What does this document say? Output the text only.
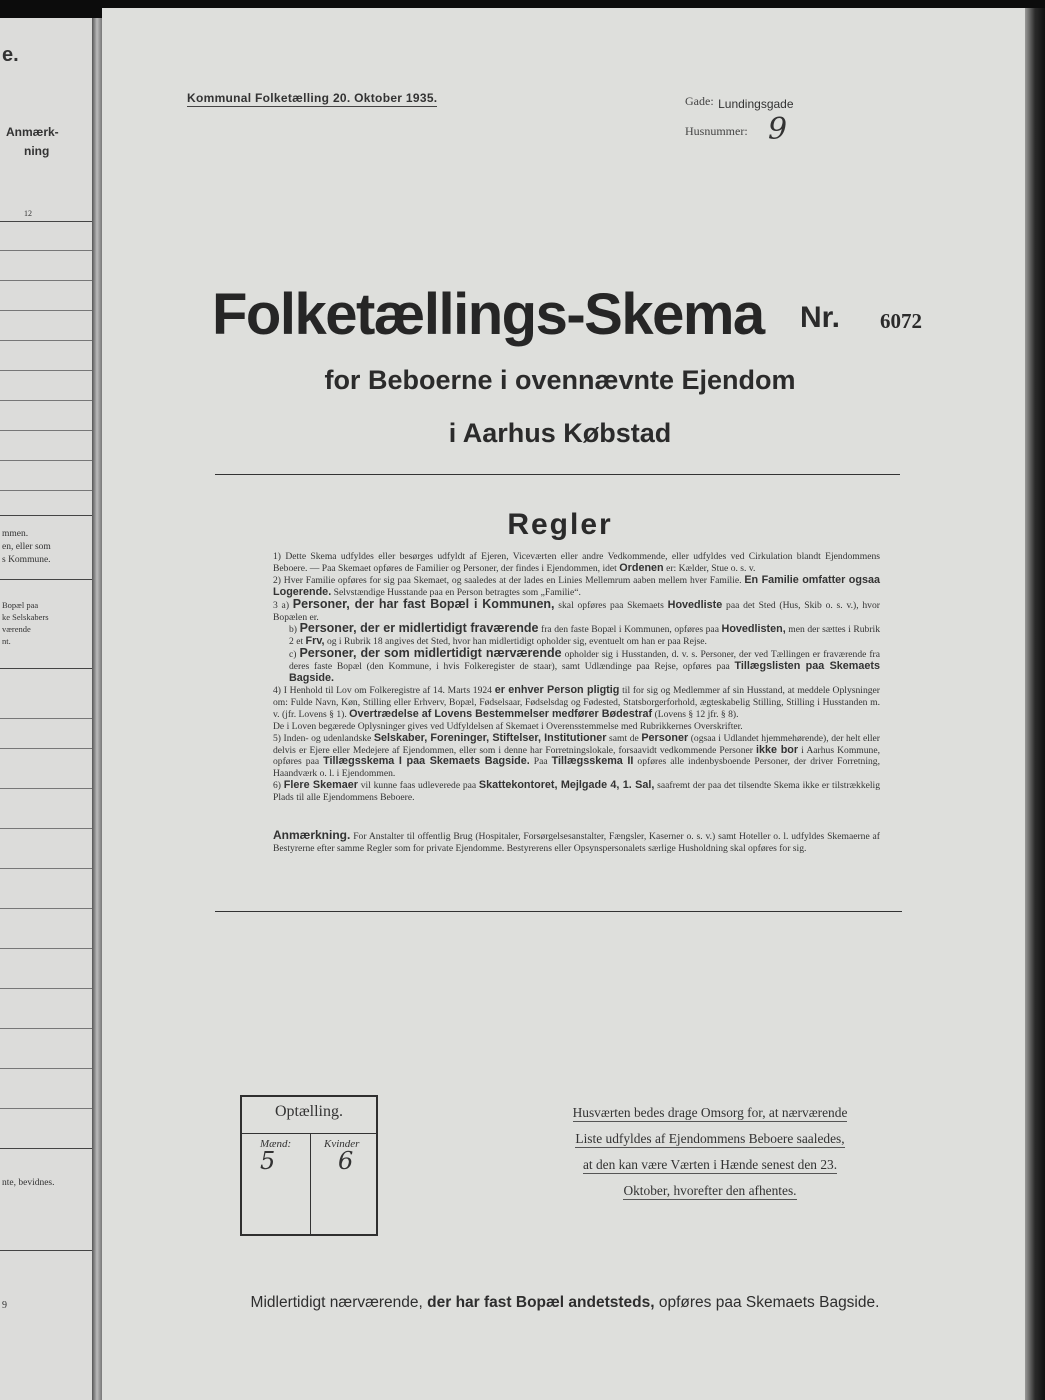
e.
Anmærk-
ning
12
mmen.
en, eller som
s Kommune.
Bopæl paa
ke Selskabers
værende
nt.
nte, bevidnes.
9
Kommunal Folketælling 20. Oktober 1935.	Gade: Lundingsgade
Husnummer: 9
Folketællings-Skema Nr. 6072
for Beboerne i ovennævnte Ejendom
i Aarhus Købstad
Regler

1) Dette Skema udfyldes eller besørges udfyldt af Ejeren, Viceværten eller andre Vedkommende, eller udfyldes ved Cirkulation blandt Ejendommens Beboere. — Paa Skemaet opføres de Familier og Personer, der findes i Ejendommen, idet Ordenen er: Kælder, Stue o. s. v.

2) Hver Familie opføres for sig paa Skemaet, og saaledes at der lades en Linies Mellemrum aaben mellem hver Familie. En Familie omfatter ogsaa Logerende. Selvstændige Husstande paa en Person betragtes som „Familie“.

3 a) Personer, der har fast Bopæl i Kommunen, skal opføres paa Skemaets Hovedliste paa det Sted (Hus, Skib o. s. v.), hvor Bopælen er.

b) Personer, der er midlertidigt fraværende fra den faste Bopæl i Kommunen, opføres paa Hovedlisten, men der sættes i Rubrik 2 et Frv, og i Rubrik 18 angives det Sted, hvor han midlertidigt opholder sig, eventuelt om han er paa Rejse.

c) Personer, der som midlertidigt nærværende opholder sig i Husstanden, d. v. s. Personer, der ved Tællingen er fraværende fra deres faste Bopæl (den Kommune, i hvis Folkeregister de staar), samt Udlændinge paa Rejse, opføres paa Tillægslisten paa Skemaets Bagside.

4) I Henhold til Lov om Folkeregistre af 14. Marts 1924 er enhver Person pligtig til for sig og Medlemmer af sin Husstand, at meddele Oplysninger om: Fulde Navn, Køn, Stilling eller Erhverv, Bopæl, Fødselsaar, Fødselsdag og Fødested, Statsborgerforhold, ægteskabelig Stilling, Stilling i Husstanden m. v. (jfr. Lovens § 1). Overtrædelse af Lovens Bestemmelser medfører Bødestraf (Lovens § 12 jfr. § 8).

De i Loven begærede Oplysninger gives ved Udfyldelsen af Skemaet i Overensstemmelse med Rubrikkernes Overskrifter.

5) Inden- og udenlandske Selskaber, Foreninger, Stiftelser, Institutioner samt de Personer (ogsaa i Udlandet hjemmehørende), der helt eller delvis er Ejere eller Medejere af Ejendommen, eller som i denne har Forretningslokale, forsaavidt vedkommende Personer ikke bor i Aarhus Kommune, opføres paa Tillægsskema I paa Skemaets Bagside. Paa Tillægsskema II opføres alle indenbysboende Personer, der driver Forretning, Haandværk o. l. i Ejendommen.

6) Flere Skemaer vil kunne faas udleverede paa Skattekontoret, Mejlgade 4, 1. Sal, saafremt der paa det tilsendte Skema ikke er tilstrækkelig Plads til alle Ejendommens Beboere.

Anmærkning. For Anstalter til offentlig Brug (Hospitaler, Forsørgelsesanstalter, Fængsler, Kaserner o. s. v.) samt Hoteller o. l. udfyldes Skemaerne af Bestyrerne efter samme Regler som for private Ejendomme. Bestyrerens eller Opsynspersonalets særlige Husholdning skal opføres for sig.

Optælling.
Mænd:	Kvinder
5	6
Husværten bedes drage Omsorg for, at nærværende
Liste udfyldes af Ejendommens Beboere saaledes,
at den kan være Værten i Hænde senest den 23.
Oktober, hvorefter den afhentes.
Midlertidigt nærværende, der har fast Bopæl andetsteds, opføres paa Skemaets Bagside.
